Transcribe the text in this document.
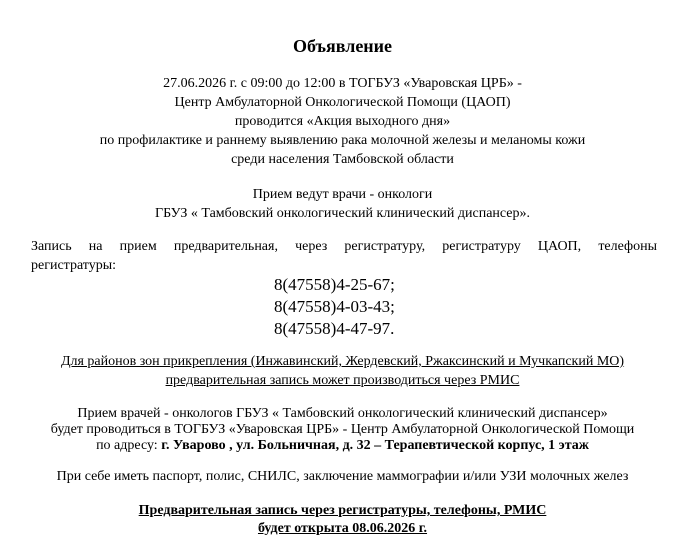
Объявление
27.06.2026 г. с 09:00 до 12:00 в ТОГБУЗ «Уваровская ЦРБ» -
Центр Амбулаторной Онкологической Помощи (ЦАОП)
проводится «Акция выходного дня»
по профилактике и раннему выявлению рака молочной железы и меланомы кожи
среди населения Тамбовской области
Прием ведут врачи - онкологи
ГБУЗ « Тамбовский онкологический клинический диспансер».
Запись на прием предварительная, через регистратуру, регистратуру ЦАОП, телефоны
регистратуры:
8(47558)4-25-67;
8(47558)4-03-43;
8(47558)4-47-97.
Для районов зон прикрепления (Инжавинский, Жердевский, Ржаксинский и Мучкапский МО)
предварительная запись может производиться через РМИС
Прием врачей - онкологов ГБУЗ « Тамбовский онкологический клинический диспансер»
будет проводиться в ТОГБУЗ «Уваровская ЦРБ» - Центр Амбулаторной Онкологической Помощи
по адресу: г. Уварово , ул. Больничная, д. 32 – Терапевтической корпус, 1 этаж
При себе иметь паспорт, полис, СНИЛС, заключение маммографии и/или УЗИ молочных желез
Предварительная запись через регистратуры, телефоны, РМИС
будет открыта 08.06.2026 г.
